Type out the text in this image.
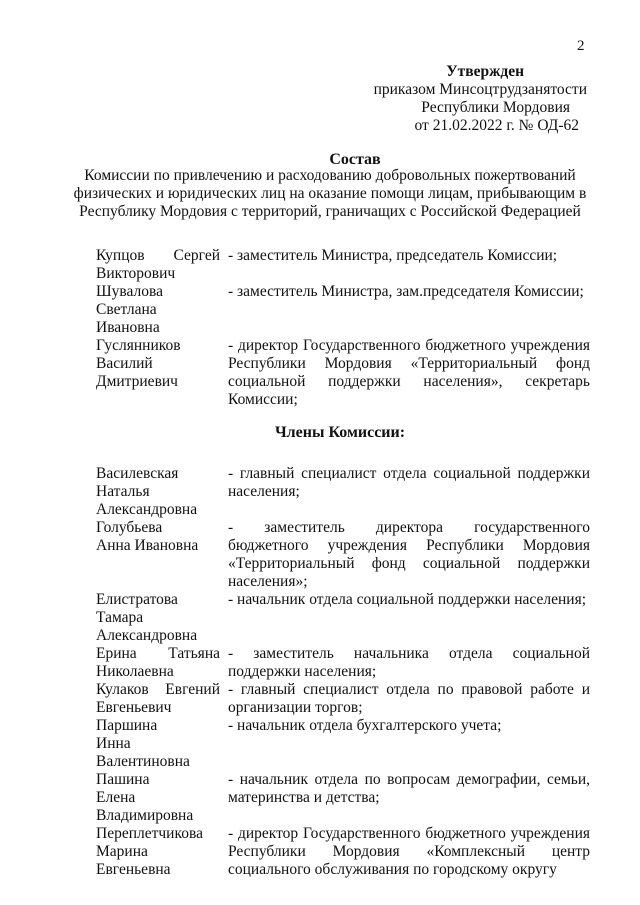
2
Утвержден
приказом Минсоцтрудзанятости
Республики Мордовия
от 21.02.2022 г. № ОД-62
Состав
Комиссии по привлечению и расходованию добровольных пожертвований физических и юридических лиц на оказание помощи лицам, прибывающим в Республику Мордовия с территорий, граничащих с Российской Федерацией
Купцов Сергей
Викторович
- заместитель Министра, председатель Комиссии;
Шувалова
Светлана
Ивановна
- заместитель Министра, зам.председателя Комиссии;
Гуслянников
Василий
Дмитриевич
- директор Государственного бюджетного учреждения Республики Мордовия «Территориальный фонд социальной поддержки населения», секретарь Комиссии;
Члены Комиссии:
Василевская
Наталья
Александровна
- главный специалист отдела социальной поддержки населения;
Голубьева
Анна Ивановна
- заместитель директора государственного бюджетного учреждения Республики Мордовия «Территориальный фонд социальной поддержки населения»;
Елистратова
Тамара
Александровна
- начальник отдела социальной поддержки населения;
Ерина Татьяна
Николаевна
- заместитель начальника отдела социальной поддержки населения;
Кулаков Евгений
Евгеньевич
- главный специалист отдела по правовой работе и организации торгов;
Паршина
Инна
Валентиновна
- начальник отдела бухгалтерского учета;
Пашина
Елена
Владимировна
- начальник отдела по вопросам демографии, семьи, материнства и детства;
Переплетчикова
Марина
Евгеньевна
- директор Государственного бюджетного учреждения Республики Мордовия «Комплексный центр социального обслуживания по городскому округу
